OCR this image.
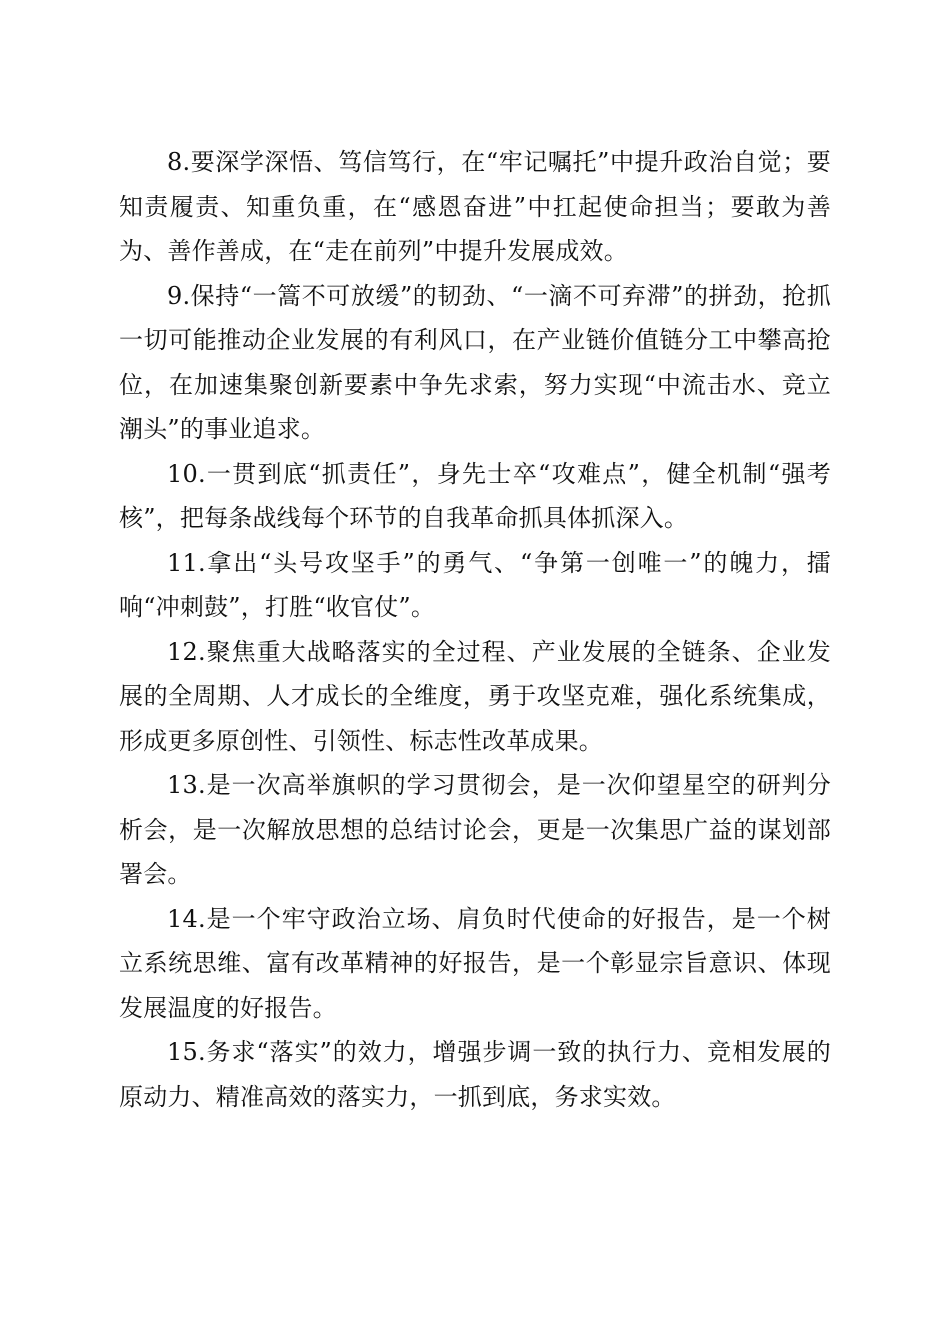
8.要深学深悟、笃信笃行，在“牢记嘱托”中提升政治自觉；要知责履责、知重负重，在“感恩奋进”中扛起使命担当；要敢为善为、善作善成，在“走在前列”中提升发展成效。

9.保持“一篙不可放缓”的韧劲、“一滴不可弃滞”的拼劲，抢抓一切可能推动企业发展的有利风口，在产业链价值链分工中攀高抢位，在加速集聚创新要素中争先求索，努力实现“中流击水、竞立潮头”的事业追求。

10.一贯到底“抓责任”，身先士卒“攻难点”，健全机制“强考核”，把每条战线每个环节的自我革命抓具体抓深入。

11.拿出“头号攻坚手”的勇气、“争第一创唯一”的魄力，擂响“冲刺鼓”，打胜“收官仗”。

12.聚焦重大战略落实的全过程、产业发展的全链条、企业发展的全周期、人才成长的全维度，勇于攻坚克难，强化系统集成，形成更多原创性、引领性、标志性改革成果。

13.是一次高举旗帜的学习贯彻会，是一次仰望星空的研判分析会，是一次解放思想的总结讨论会，更是一次集思广益的谋划部署会。

14.是一个牢守政治立场、肩负时代使命的好报告，是一个树立系统思维、富有改革精神的好报告，是一个彰显宗旨意识、体现发展温度的好报告。

15.务求“落实”的效力，增强步调一致的执行力、竞相发展的原动力、精准高效的落实力，一抓到底，务求实效。
